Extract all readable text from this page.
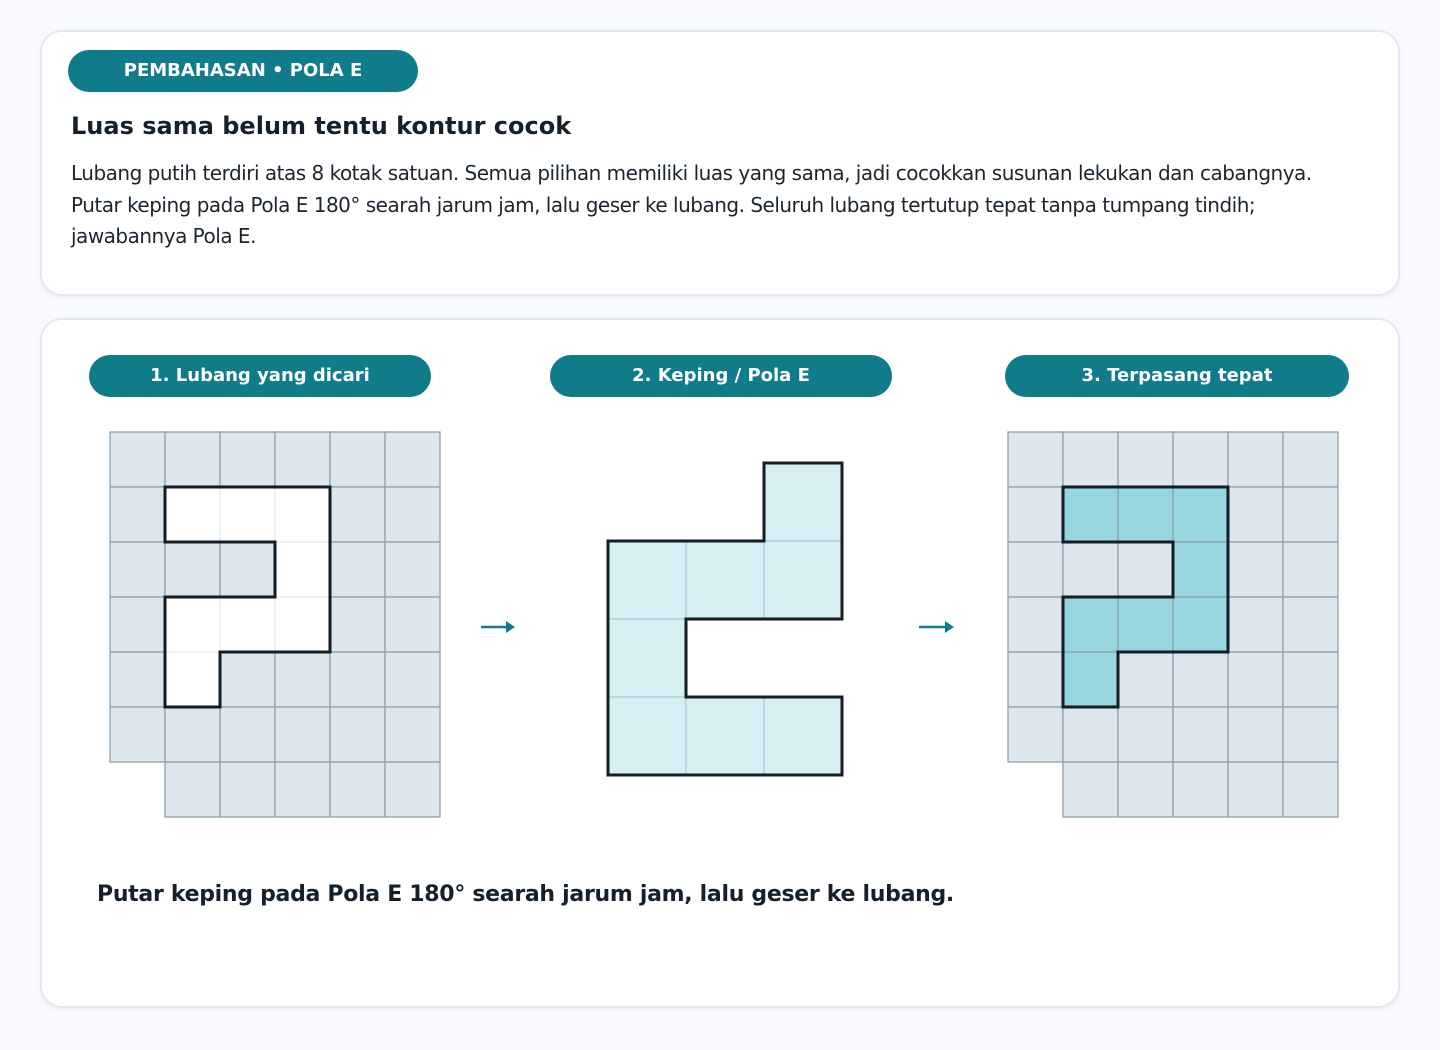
PEMBAHASAN • POLA E
Luas sama belum tentu kontur cocok
Lubang putih terdiri atas 8 kotak satuan. Semua pilihan memiliki luas yang sama, jadi cocokkan susunan lekukan dan cabangnya. Putar keping pada Pola E 180° searah jarum jam, lalu geser ke lubang. Seluruh lubang tertutup tepat tanpa tumpang tindih; jawabannya Pola E.
1. Lubang yang dicari	2. Keping / Pola E	3. Terpasang tepat
Putar keping pada Pola E 180° searah jarum jam, lalu geser ke lubang.
